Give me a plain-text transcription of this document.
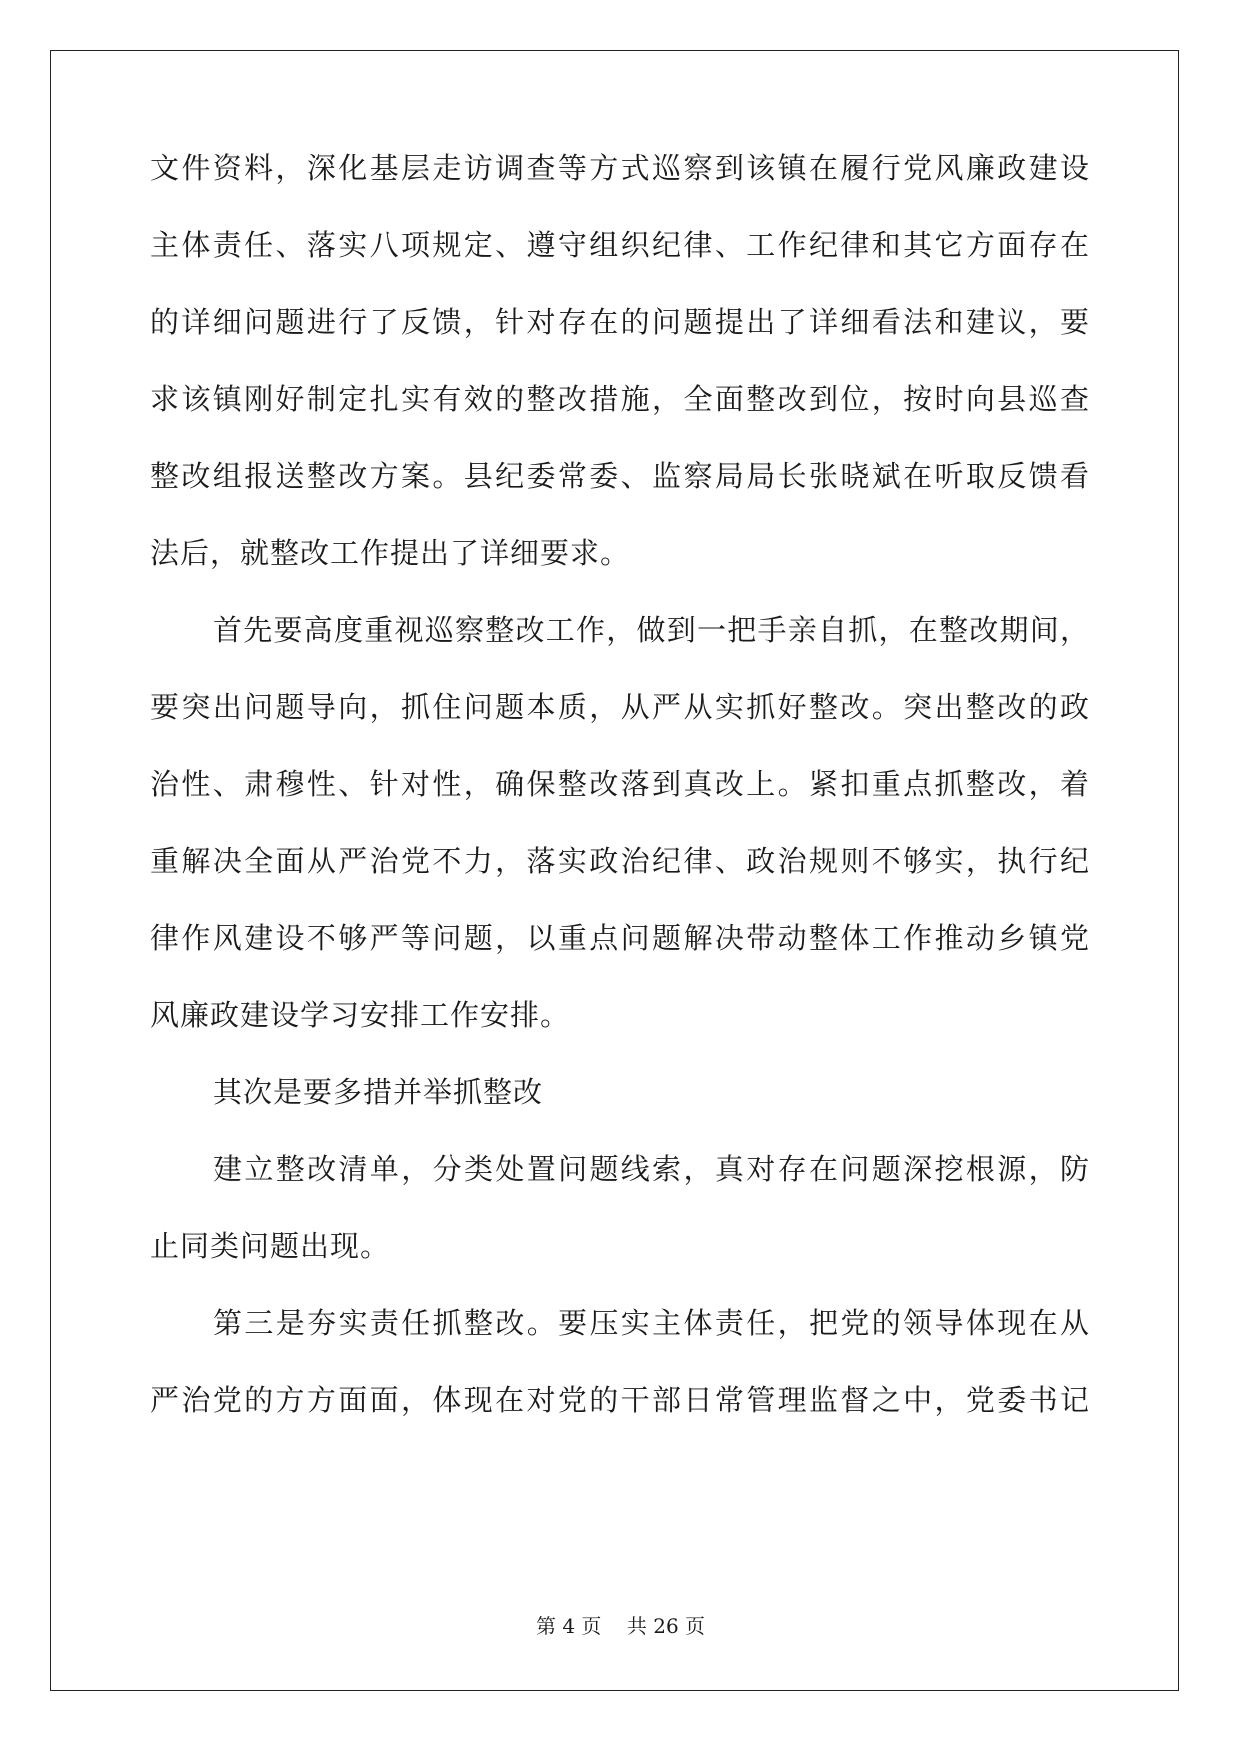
文件资料，深化基层走访调查等方式巡察到该镇在履行党风廉政建设
主体责任、落实八项规定、遵守组织纪律、工作纪律和其它方面存在
的详细问题进行了反馈，针对存在的问题提出了详细看法和建议，要
求该镇刚好制定扎实有效的整改措施，全面整改到位，按时向县巡查
整改组报送整改方案。县纪委常委、监察局局长张晓斌在听取反馈看
法后，就整改工作提出了详细要求。
首先要高度重视巡察整改工作，做到一把手亲自抓，在整改期间，
要突出问题导向，抓住问题本质，从严从实抓好整改。突出整改的政
治性、肃穆性、针对性，确保整改落到真改上。紧扣重点抓整改，着
重解决全面从严治党不力，落实政治纪律、政治规则不够实，执行纪
律作风建设不够严等问题，以重点问题解决带动整体工作推动乡镇党
风廉政建设学习安排工作安排。
其次是要多措并举抓整改
建立整改清单，分类处置问题线索，真对存在问题深挖根源，防
止同类问题出现。
第三是夯实责任抓整改。要压实主体责任，把党的领导体现在从
严治党的方方面面，体现在对党的干部日常管理监督之中，党委书记
第 4 页 共 26 页
